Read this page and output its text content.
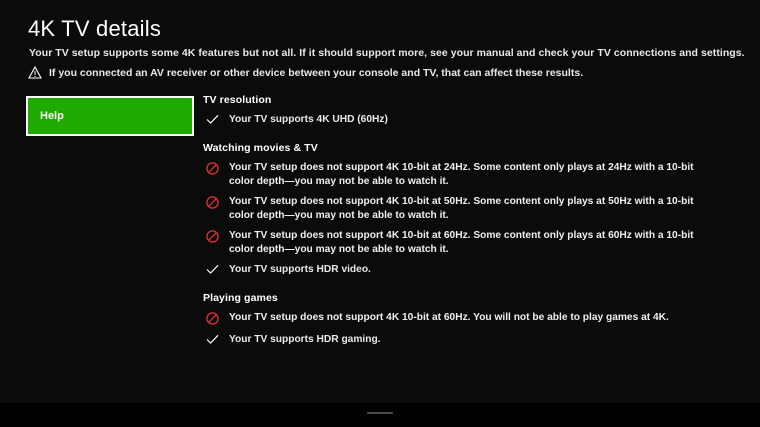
4K TV details
Your TV setup supports some 4K features but not all. If it should support more, see your manual and check your TV connections and settings.
If you connected an AV receiver or other device between your console and TV, that can affect these results.
Help
TV resolution
Your TV supports 4K UHD (60Hz)
Watching movies & TV
Your TV setup does not support 4K 10-bit at 24Hz. Some content only plays at 24Hz with a 10-bit color depth—you may not be able to watch it.
Your TV setup does not support 4K 10-bit at 50Hz. Some content only plays at 50Hz with a 10-bit color depth—you may not be able to watch it.
Your TV setup does not support 4K 10-bit at 60Hz. Some content only plays at 60Hz with a 10-bit color depth—you may not be able to watch it.
Your TV supports HDR video.
Playing games
Your TV setup does not support 4K 10-bit at 60Hz. You will not be able to play games at 4K.
Your TV supports HDR gaming.
